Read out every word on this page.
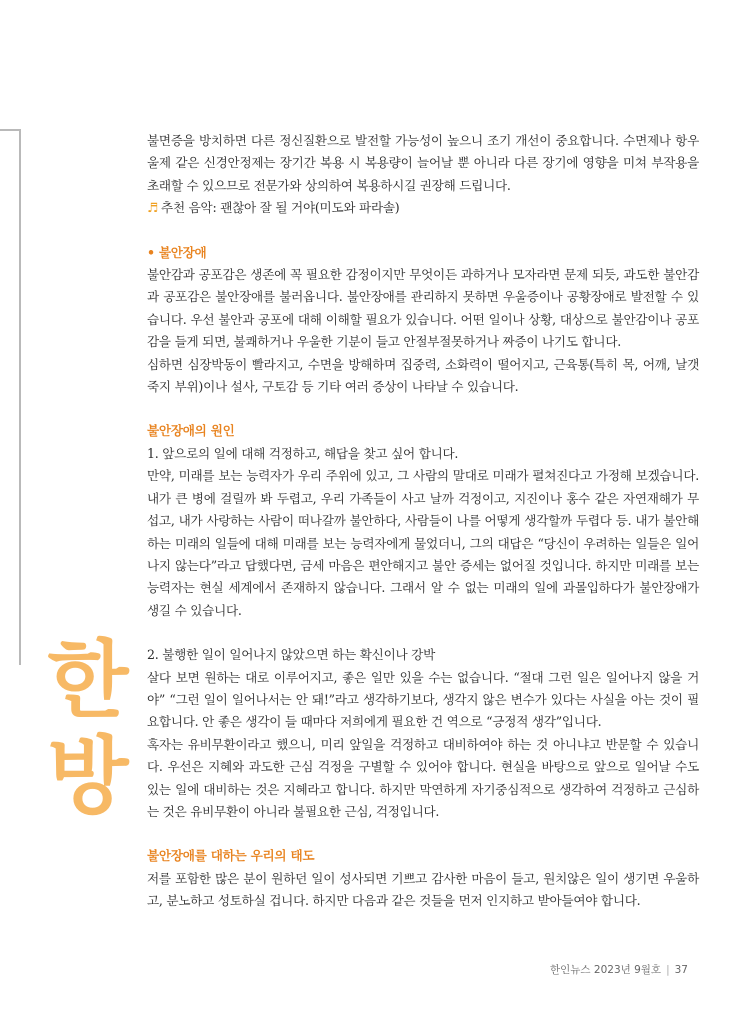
한
방

불면증을 방치하면 다른 정신질환으로 발전할 가능성이 높으니 조기 개선이 중요합니다. 수면제나 항우울제 같은 신경안정제는 장기간 복용 시 복용량이 늘어날 뿐 아니라 다른 장기에 영향을 미쳐 부작용을 초래할 수 있으므로 전문가와 상의하여 복용하시길 권장해 드립니다.

♬ 추천 음악: 괜찮아 잘 될 거야(미도와 파라솔)

• 불안장애

불안감과 공포감은 생존에 꼭 필요한 감정이지만 무엇이든 과하거나 모자라면 문제 되듯, 과도한 불안감과 공포감은 불안장애를 불러옵니다. 불안장애를 관리하지 못하면 우울증이나 공황장애로 발전할 수 있습니다. 우선 불안과 공포에 대해 이해할 필요가 있습니다. 어떤 일이나 상황, 대상으로 불안감이나 공포감을 들게 되면, 불쾌하거나 우울한 기분이 들고 안절부절못하거나 짜증이 나기도 합니다.

심하면 심장박동이 빨라지고, 수면을 방해하며 집중력, 소화력이 떨어지고, 근육통(특히 목, 어깨, 날갯죽지 부위)이나 설사, 구토감 등 기타 여러 증상이 나타날 수 있습니다.

불안장애의 원인

1. 앞으로의 일에 대해 걱정하고, 해답을 찾고 싶어 합니다.

만약, 미래를 보는 능력자가 우리 주위에 있고, 그 사람의 말대로 미래가 펼쳐진다고 가정해 보겠습니다. 내가 큰 병에 걸릴까 봐 두렵고, 우리 가족들이 사고 날까 걱정이고, 지진이나 홍수 같은 자연재해가 무섭고, 내가 사랑하는 사람이 떠나갈까 불안하다, 사람들이 나를 어떻게 생각할까 두렵다 등. 내가 불안해하는 미래의 일들에 대해 미래를 보는 능력자에게 물었더니, 그의 대답은 “당신이 우려하는 일들은 일어나지 않는다”라고 답했다면, 금세 마음은 편안해지고 불안 증세는 없어질 것입니다. 하지만 미래를 보는 능력자는 현실 세계에서 존재하지 않습니다. 그래서 알 수 없는 미래의 일에 과몰입하다가 불안장애가 생길 수 있습니다.

2. 불행한 일이 일어나지 않았으면 하는 확신이나 강박

살다 보면 원하는 대로 이루어지고, 좋은 일만 있을 수는 없습니다. “절대 그런 일은 일어나지 않을 거야” “그런 일이 일어나서는 안 돼!”라고 생각하기보다, 생각지 않은 변수가 있다는 사실을 아는 것이 필요합니다. 안 좋은 생각이 들 때마다 저희에게 필요한 건 역으로 “긍정적 생각”입니다.

혹자는 유비무환이라고 했으니, 미리 앞일을 걱정하고 대비하여야 하는 것 아니냐고 반문할 수 있습니다. 우선은 지혜와 과도한 근심 걱정을 구별할 수 있어야 합니다. 현실을 바탕으로 앞으로 일어날 수도 있는 일에 대비하는 것은 지혜라고 합니다. 하지만 막연하게 자기중심적으로 생각하여 걱정하고 근심하는 것은 유비무환이 아니라 불필요한 근심, 걱정입니다.

불안장애를 대하는 우리의 태도

저를 포함한 많은 분이 원하던 일이 성사되면 기쁘고 감사한 마음이 들고, 원치않은 일이 생기면 우울하고, 분노하고 성토하실 겁니다. 하지만 다음과 같은 것들을 먼저 인지하고 받아들여야 합니다.

한인뉴스 2023년 9월호 | 37
